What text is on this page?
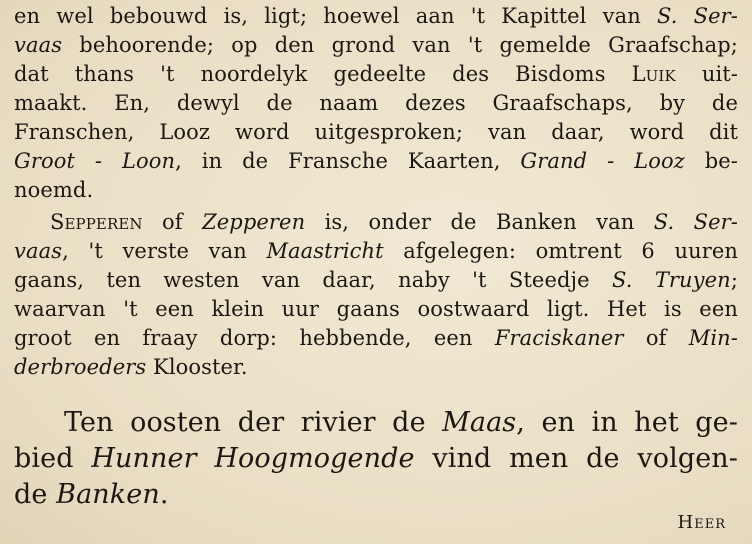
en wel bebouwd is, ligt; hoewel aan 't Kapittel van S. Ser-
vaas behoorende; op den grond van 't gemelde Graafschap;
dat thans 't noordelyk gedeelte des Bisdoms Luik uit-
maakt. En, dewyl de naam dezes Graafschaps, by de
Franschen, Looz word uitgesproken; van daar, word dit
Groot - Loon, in de Fransche Kaarten, Grand - Looz be-
noemd.
Sepperen of Zepperen is, onder de Banken van S. Ser-
vaas, 't verste van Maastricht afgelegen: omtrent 6 uuren
gaans, ten westen van daar, naby 't Steedje S. Truyen;
waarvan 't een klein uur gaans oostwaard ligt. Het is een
groot en fraay dorp: hebbende, een Fraciskaner of Min-
derbroeders Klooster.
Ten oosten der rivier de Maas, en in het ge-
bied Hunner Hoogmogende vind men de volgen-
de Banken.
Heer
